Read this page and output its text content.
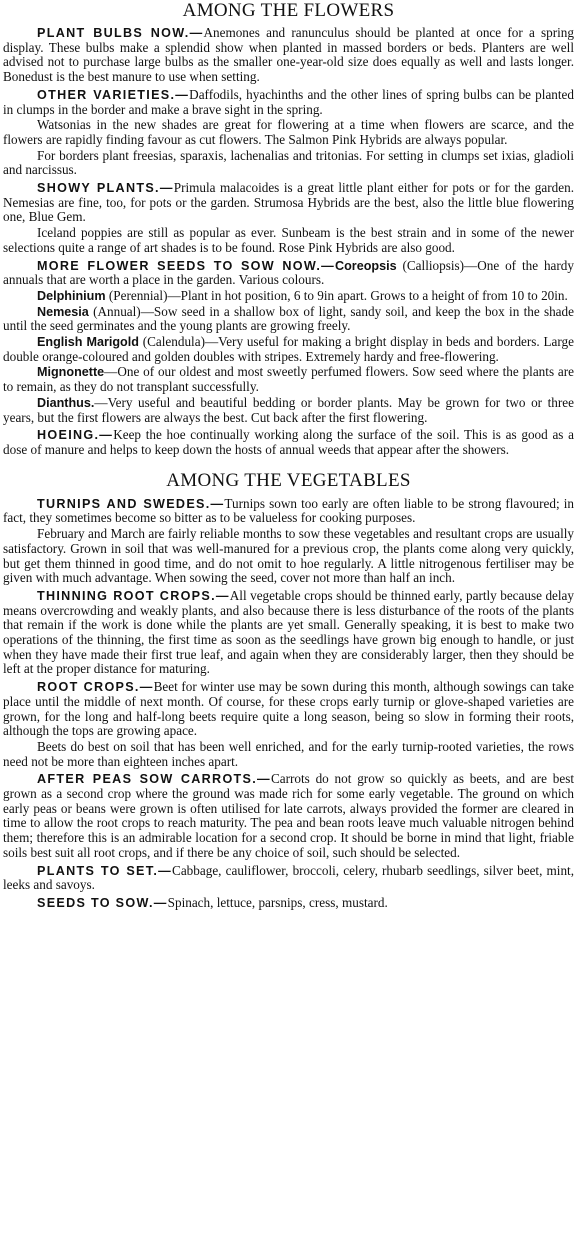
AMONG THE FLOWERS

PLANT BULBS NOW.—Anemones and ranunculus should be planted at once for a spring display. These bulbs make a splendid show when planted in massed borders or beds. Planters are well advised not to purchase large bulbs as the smaller one-year-old size does equally as well and lasts longer. Bonedust is the best manure to use when setting.

OTHER VARIETIES.—Daffodils, hyachinths and the other lines of spring bulbs can be planted in clumps in the border and make a brave sight in the spring.

Watsonias in the new shades are great for flowering at a time when flowers are scarce, and the flowers are rapidly finding favour as cut flowers. The Salmon Pink Hybrids are always popular.

For borders plant freesias, sparaxis, lachenalias and tritonias. For setting in clumps set ixias, gladioli and narcissus.

SHOWY PLANTS.—Primula malacoides is a great little plant either for pots or for the garden. Nemesias are fine, too, for pots or the garden. Strumosa Hybrids are the best, also the little blue flowering one, Blue Gem.

Iceland poppies are still as popular as ever. Sunbeam is the best strain and in some of the newer selections quite a range of art shades is to be found. Rose Pink Hybrids are also good.

MORE FLOWER SEEDS TO SOW NOW.—Coreopsis (Calliopsis)—One of the hardy annuals that are worth a place in the garden. Various colours.

Delphinium (Perennial)—Plant in hot position, 6 to 9in apart. Grows to a height of from 10 to 20in.

Nemesia (Annual)—Sow seed in a shallow box of light, sandy soil, and keep the box in the shade until the seed germinates and the young plants are growing freely.

English Marigold (Calendula)—Very useful for making a bright display in beds and borders. Large double orange-coloured and golden doubles with stripes. Extremely hardy and free-flowering.

Mignonette—One of our oldest and most sweetly perfumed flowers. Sow seed where the plants are to remain, as they do not transplant successfully.

Dianthus.—Very useful and beautiful bedding or border plants. May be grown for two or three years, but the first flowers are always the best. Cut back after the first flowering.

HOEING.—Keep the hoe continually working along the surface of the soil. This is as good as a dose of manure and helps to keep down the hosts of annual weeds that appear after the showers.

AMONG THE VEGETABLES

TURNIPS AND SWEDES.—Turnips sown too early are often liable to be strong flavoured; in fact, they sometimes become so bitter as to be valueless for cooking purposes.

February and March are fairly reliable months to sow these vegetables and resultant crops are usually satisfactory. Grown in soil that was well-manured for a previous crop, the plants come along very quickly, but get them thinned in good time, and do not omit to hoe regularly. A little nitrogenous fertiliser may be given with much advantage. When sowing the seed, cover not more than half an inch.

THINNING ROOT CROPS.—All vegetable crops should be thinned early, partly because delay means overcrowding and weakly plants, and also because there is less disturbance of the roots of the plants that remain if the work is done while the plants are yet small. Generally speaking, it is best to make two operations of the thinning, the first time as soon as the seedlings have grown big enough to handle, or just when they have made their first true leaf, and again when they are considerably larger, then they should be left at the proper distance for maturing.

ROOT CROPS.—Beet for winter use may be sown during this month, although sowings can take place until the middle of next month. Of course, for these crops early turnip or glove-shaped varieties are grown, for the long and half-long beets require quite a long season, being so slow in forming their roots, although the tops are growing apace.

Beets do best on soil that has been well enriched, and for the early turnip-rooted varieties, the rows need not be more than eighteen inches apart.

AFTER PEAS SOW CARROTS.—Carrots do not grow so quickly as beets, and are best grown as a second crop where the ground was made rich for some early vegetable. The ground on which early peas or beans were grown is often utilised for late carrots, always provided the former are cleared in time to allow the root crops to reach maturity. The pea and bean roots leave much valuable nitrogen behind them; therefore this is an admirable location for a second crop. It should be borne in mind that light, friable soils best suit all root crops, and if there be any choice of soil, such should be selected.

PLANTS TO SET.—Cabbage, cauliflower, broccoli, celery, rhubarb seedlings, silver beet, mint, leeks and savoys.

SEEDS TO SOW.—Spinach, lettuce, parsnips, cress, mustard.
